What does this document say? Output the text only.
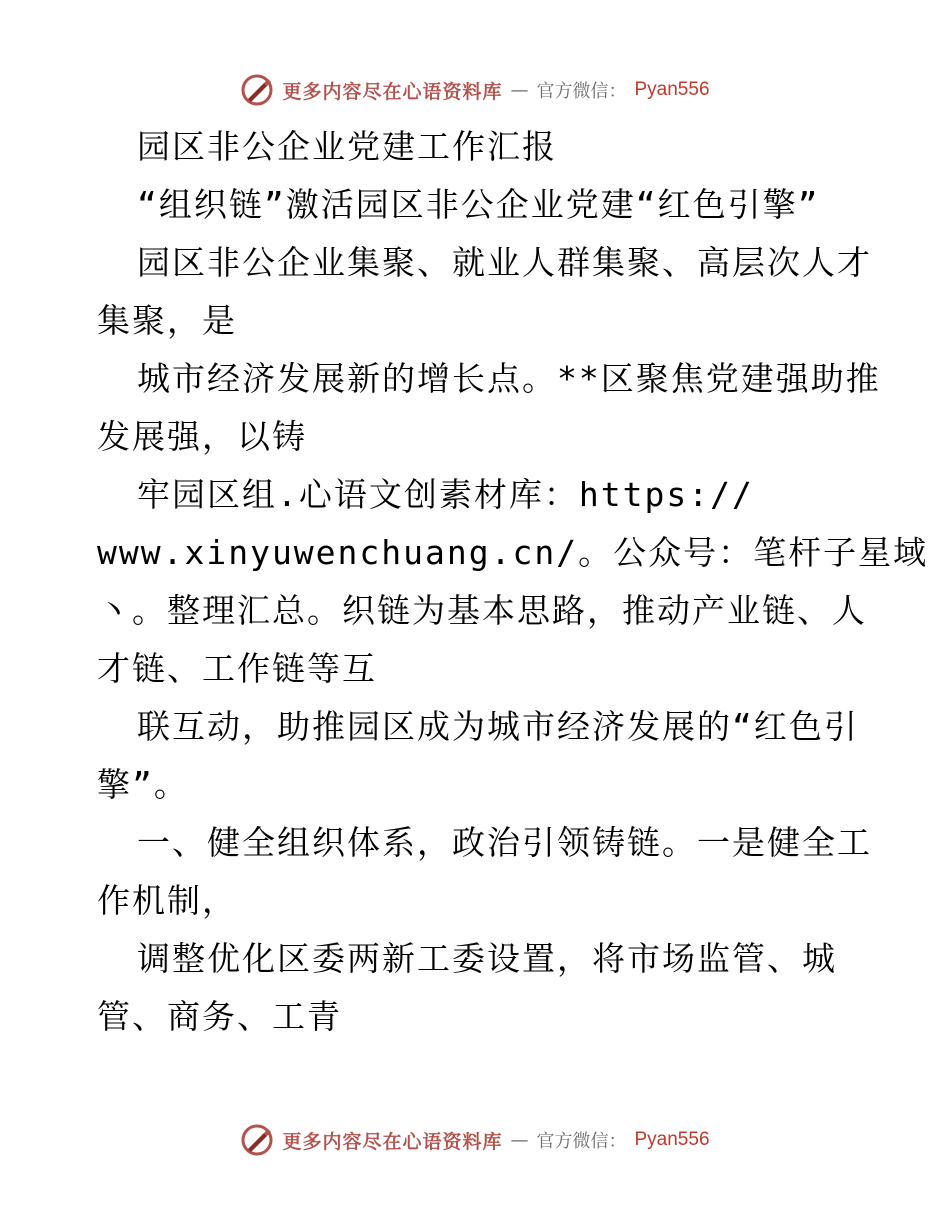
更多内容尽在心语资料库 — 官方微信： Pyan556
园区非公企业党建工作汇报
“组织链”激活园区非公企业党建“红色引擎”
园区非公企业集聚、就业人群集聚、高层次人才
集聚，是
城市经济发展新的增长点。**区聚焦党建强助推
发展强，以铸
牢园区组.心语文创素材库：https://
www.xinyuwenchuang.cn/。公众号：笔杆子星域
丶。整理汇总。织链为基本思路，推动产业链、人
才链、工作链等互
联互动，助推园区成为城市经济发展的“红色引
擎”。
一、健全组织体系，政治引领铸链。一是健全工
作机制，
调整优化区委两新工委设置，将市场监管、城
管、商务、工青
更多内容尽在心语资料库 — 官方微信： Pyan556
